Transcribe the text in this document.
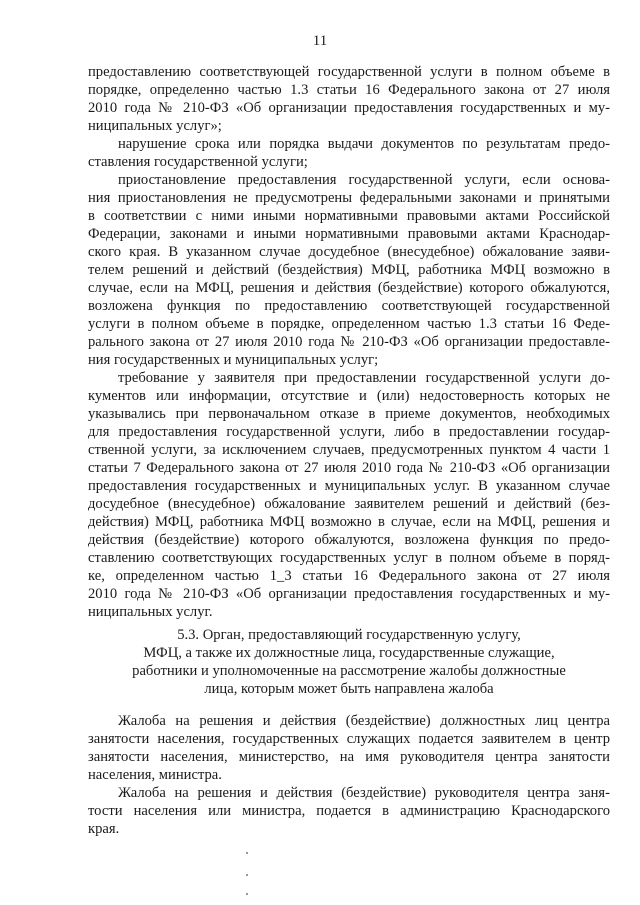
11
предоставлению соответствующей государственной услуги в полном объеме в
порядке, определенно частью 1.3 статьи 16 Федерального закона от 27 июля
2010 года № 210-ФЗ «Об организации предоставления государственных и му-
ниципальных услуг»;
нарушение срока или порядка выдачи документов по результатам предо-
ставления государственной услуги;
приостановление предоставления государственной услуги, если основа-
ния приостановления не предусмотрены федеральными законами и принятыми
в соответствии с ними иными нормативными правовыми актами Российской
Федерации, законами и иными нормативными правовыми актами Краснодар-
ского края. В указанном случае досудебное (внесудебное) обжалование заяви-
телем решений и действий (бездействия) МФЦ, работника МФЦ возможно в
случае, если на МФЦ, решения и действия (бездействие) которого обжалуются,
возложена функция по предоставлению соответствующей государственной
услуги в полном объеме в порядке, определенном частью 1.3 статьи 16 Феде-
рального закона от 27 июля 2010 года № 210-ФЗ «Об организации предоставле-
ния государственных и муниципальных услуг;
требование у заявителя при предоставлении государственной услуги до-
кументов или информации, отсутствие и (или) недостоверность которых не
указывались при первоначальном отказе в приеме документов, необходимых
для предоставления государственной услуги, либо в предоставлении государ-
ственной услуги, за исключением случаев, предусмотренных пунктом 4 части 1
статьи 7 Федерального закона от 27 июля 2010 года № 210-ФЗ «Об организации
предоставления государственных и муниципальных услуг. В указанном случае
досудебное (внесудебное) обжалование заявителем решений и действий (без-
действия) МФЦ, работника МФЦ возможно в случае, если на МФЦ, решения и
действия (бездействие) которого обжалуются, возложена функция по предо-
ставлению соответствующих государственных услуг в полном объеме в поряд-
ке, определенном частью 1_3 статьи 16 Федерального закона от 27 июля
2010 года № 210-ФЗ «Об организации предоставления государственных и му-
ниципальных услуг.
5.3. Орган, предоставляющий государственную услугу,
МФЦ, а также их должностные лица, государственные служащие,
работники и уполномоченные на рассмотрение жалобы должностные
лица, которым может быть направлена жалоба
Жалоба на решения и действия (бездействие) должностных лиц центра
занятости населения, государственных служащих подается заявителем в центр
занятости населения, министерство, на имя руководителя центра занятости
населения, министра.
Жалоба на решения и действия (бездействие) руководителя центра заня-
тости населения или министра, подается в администрацию Краснодарского
края.
